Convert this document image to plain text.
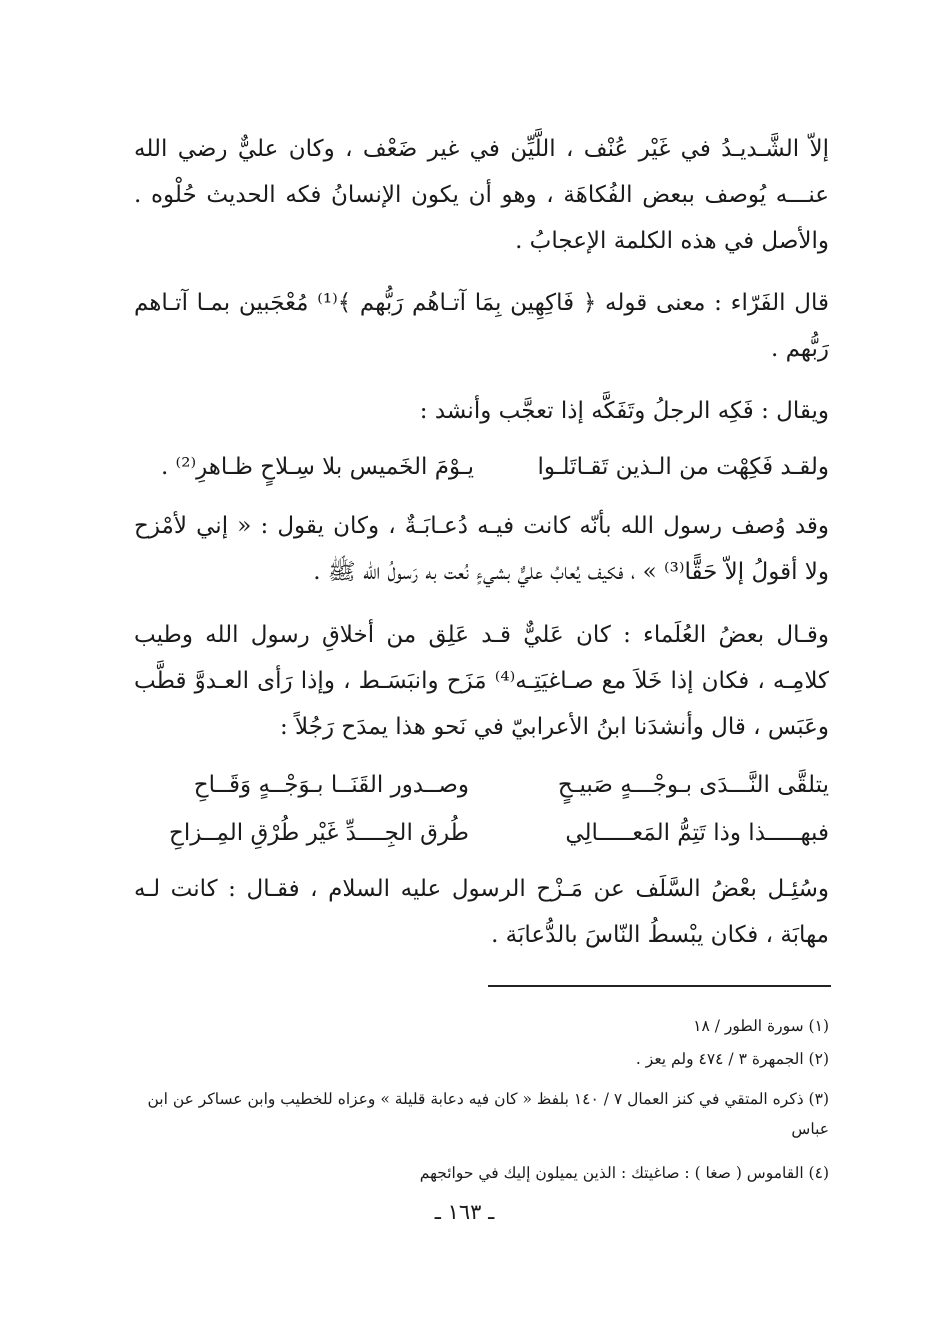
إلاّ الشَّـديـدُ في غَيْر عُنْف ، اللَّيِّن في غير ضَعْف ، وكان عليٌّ رضي الله عنـــه يُوصف ببعض الفُكاهَة ، وهو أن يكون الإنسانُ فكه الحديث حُلْوه . والأصل في هذه الكلمة الإعجابُ .
قال الفَرّاء : معنى قوله ﴿ فَاكِهِين بِمَا آتـاهُم رَبُّهم ﴾⁽¹⁾ مُعْجَبين بمـا آتـاهم رَبُّهم .
ويقال : فَكِه الرجلُ وتَفَكَّه إذا تعجَّب وأنشد :
ولقـد فَكِهْت من الـذين تَقـاتَلـوا
يـوْمَ الخَميس بلا سِـلاحٍ ظـاهرِ⁽²⁾ .
وقد وُصف رسول الله بأنّه كانت فيـه دُعـابَـةٌ ، وكان يقول : « إني لأمْزح ولا أقولُ إلاّ حَقًّا⁽³⁾ » ، فكيف يُعابُ عليٌّ بشيءٍ نُعت به رَسولُ الله ﷺ .
وقـال بعضُ العُلَماء : كان عَليٌّ قـد عَلِق من أخلاقِ رسول الله وطيب كلامِـه ، فكان إذا خَلاَ مع صـاغيَتِـه⁽⁴⁾ مَزَح وانبَسَـط ، وإذا رَأى العـدوَّ قطَّب وعَبَس ، قال وأنشدَنا ابنُ الأعرابيّ في نَحو هذا يمدَح رَجُلاً :
يتلقَّى النَّـــدَى بـوجْـــهٍ صَبيـحٍ
وصــدور القَنَــا بـوَجْــهٍ وَقَــاحِ
فبهـــــذا وذا تَتِمُّ المَعـــــالِي
طُرق الجِــــدِّ غَيْر طُرْقِ المِــزاحِ
وسُئِـل بعْضُ السَّلَف عن مَـزْح الرسول عليه السلام ، فقـال : كانت لـه مهابَة ، فكان يبْسطُ النّاسَ بالدُّعابَة .
(١) سورة الطور / ١٨
(٢) الجمهرة ٣ / ٤٧٤ ولم يعز .
(٣) ذكره المتقي في كنز العمال ٧ / ١٤٠ بلفظ « كان فيه دعابة قليلة » وعزاه للخطيب وابن عساكر عن ابن عباس
(٤) القاموس ( صغا ) : صاغيتك : الذين يميلون إليك في حوائجهم
ـ ١٦٣ ـ
